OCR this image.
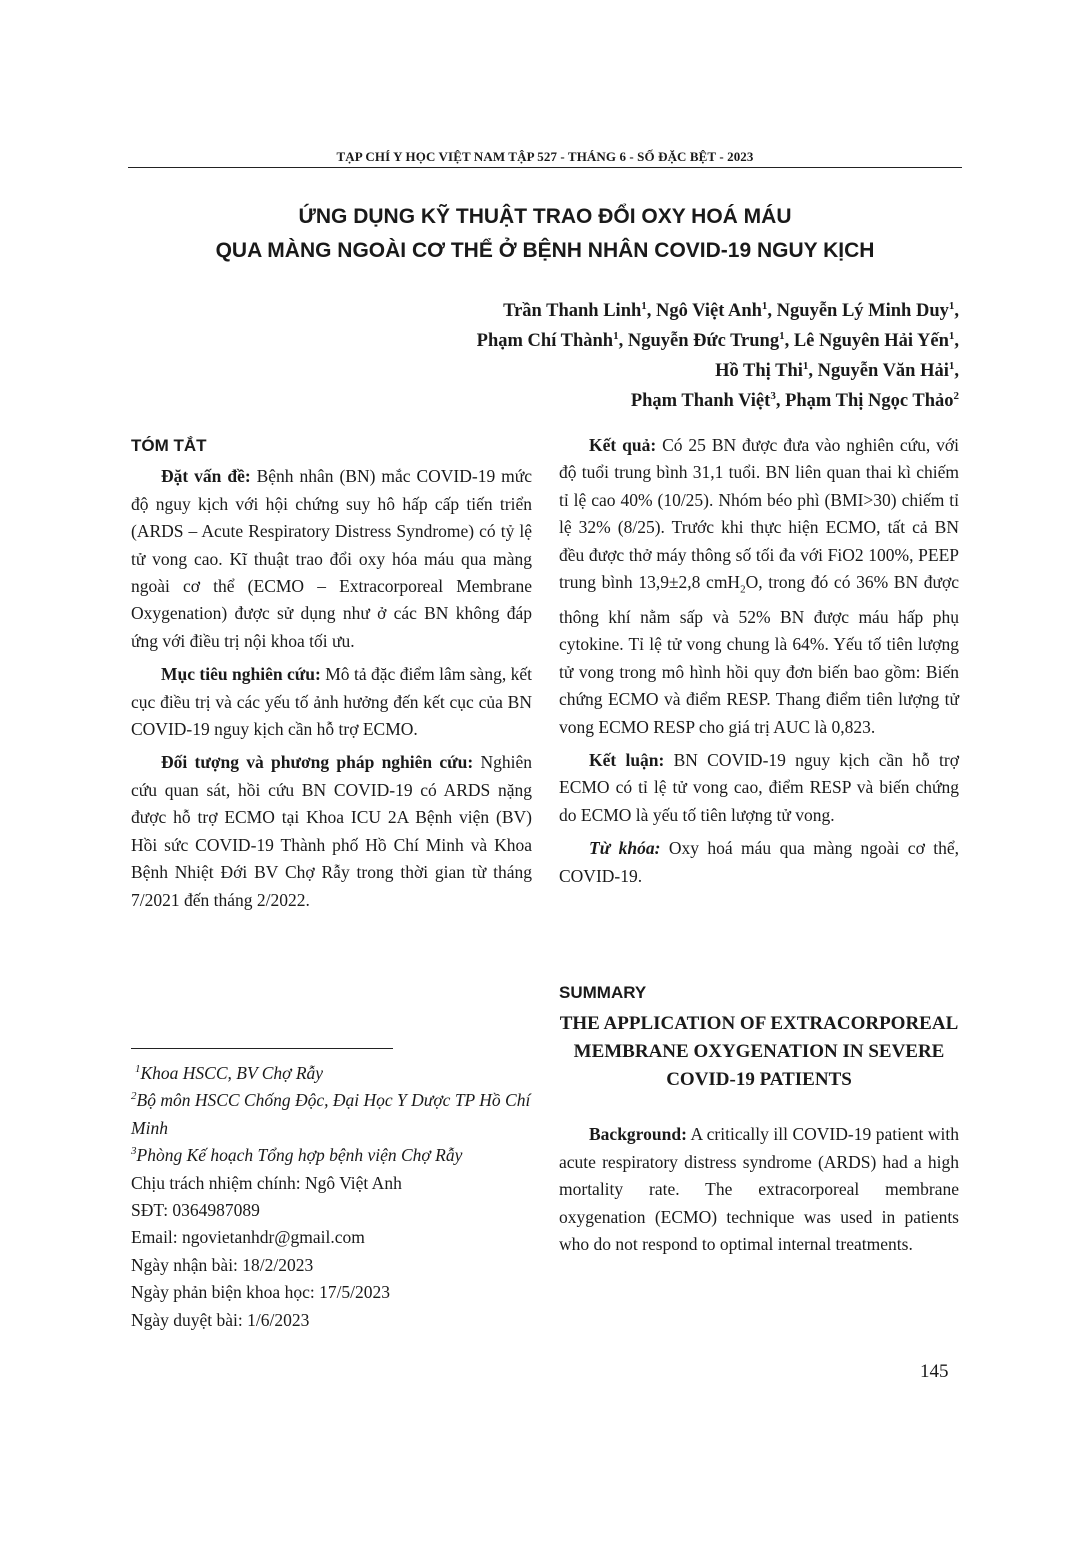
TẠP CHÍ Y HỌC VIỆT NAM TẬP 527 - THÁNG 6 - SỐ ĐẶC BỆT - 2023
ỨNG DỤNG KỸ THUẬT TRAO ĐỔI OXY HOÁ MÁU
QUA MÀNG NGOÀI CƠ THỂ Ở BỆNH NHÂN COVID-19 NGUY KỊCH
Trần Thanh Linh$^1$, Ngô Việt Anh$^1$, Nguyễn Lý Minh Duy$^1$,
Phạm Chí Thành$^1$, Nguyễn Đức Trung$^1$, Lê Nguyên Hải Yến$^1$,
Hồ Thị Thi$^1$, Nguyễn Văn Hải$^1$,
Phạm Thanh Việt$^3$, Phạm Thị Ngọc Thảo$^2$
TÓM TẮT

Đặt vấn đề: Bệnh nhân (BN) mắc COVID-19 mức độ nguy kịch với hội chứng suy hô hấp cấp tiến triển (ARDS – Acute Respiratory Distress Syndrome) có tỷ lệ tử vong cao. Kĩ thuật trao đổi oxy hóa máu qua màng ngoài cơ thể (ECMO – Extracorporeal Membrane Oxygenation) được sử dụng như ở các BN không đáp ứng với điều trị nội khoa tối ưu.

Mục tiêu nghiên cứu: Mô tả đặc điểm lâm sàng, kết cục điều trị và các yếu tố ảnh hưởng đến kết cục của BN COVID-19 nguy kịch cần hỗ trợ ECMO.

Đối tượng và phương pháp nghiên cứu: Nghiên cứu quan sát, hồi cứu BN COVID-19 có ARDS nặng được hỗ trợ ECMO tại Khoa ICU 2A Bệnh viện (BV) Hồi sức COVID-19 Thành phố Hồ Chí Minh và Khoa Bệnh Nhiệt Đới BV Chợ Rẫy trong thời gian từ tháng 7/2021 đến tháng 2/2022.

Kết quả: Có 25 BN được đưa vào nghiên cứu, với độ tuổi trung bình 31,1 tuổi. BN liên quan thai kì chiếm tỉ lệ cao 40% (10/25). Nhóm béo phì (BMI>30) chiếm tỉ lệ 32% (8/25). Trước khi thực hiện ECMO, tất cả BN đều được thở máy thông số tối đa với FiO2 100%, PEEP trung bình 13,9±2,8 cmH$_2$O, trong đó có 36% BN được thông khí nằm sấp và 52% BN được máu hấp phụ cytokine. Tỉ lệ tử vong chung là 64%. Yếu tố tiên lượng tử vong trong mô hình hồi quy đơn biến bao gồm: Biến chứng ECMO và điểm RESP. Thang điểm tiên lượng tử vong ECMO RESP cho giá trị AUC là 0,823.

Kết luận: BN COVID-19 nguy kịch cần hỗ trợ ECMO có tỉ lệ tử vong cao, điểm RESP và biến chứng do ECMO là yếu tố tiên lượng tử vong.

Từ khóa: Oxy hoá máu qua màng ngoài cơ thể, COVID-19.

$^1$Khoa HSCC, BV Chợ Rẫy
$^2$Bộ môn HSCC Chống Độc, Đại Học Y Dược TP Hồ Chí Minh
$^3$Phòng Kế hoạch Tổng hợp bệnh viện Chợ Rẫy
Chịu trách nhiệm chính: Ngô Việt Anh
SĐT: 0364987089
Email: ngovietanhdr@gmail.com
Ngày nhận bài: 18/2/2023
Ngày phản biện khoa học: 17/5/2023
Ngày duyệt bài: 1/6/2023
SUMMARY
THE APPLICATION OF EXTRACORPOREAL MEMBRANE OXYGENATION IN SEVERE COVID-19 PATIENTS

Background: A critically ill COVID-19 patient with acute respiratory distress syndrome (ARDS) had a high mortality rate. The extracorporeal membrane oxygenation (ECMO) technique was used in patients who do not respond to optimal internal treatments.

145
